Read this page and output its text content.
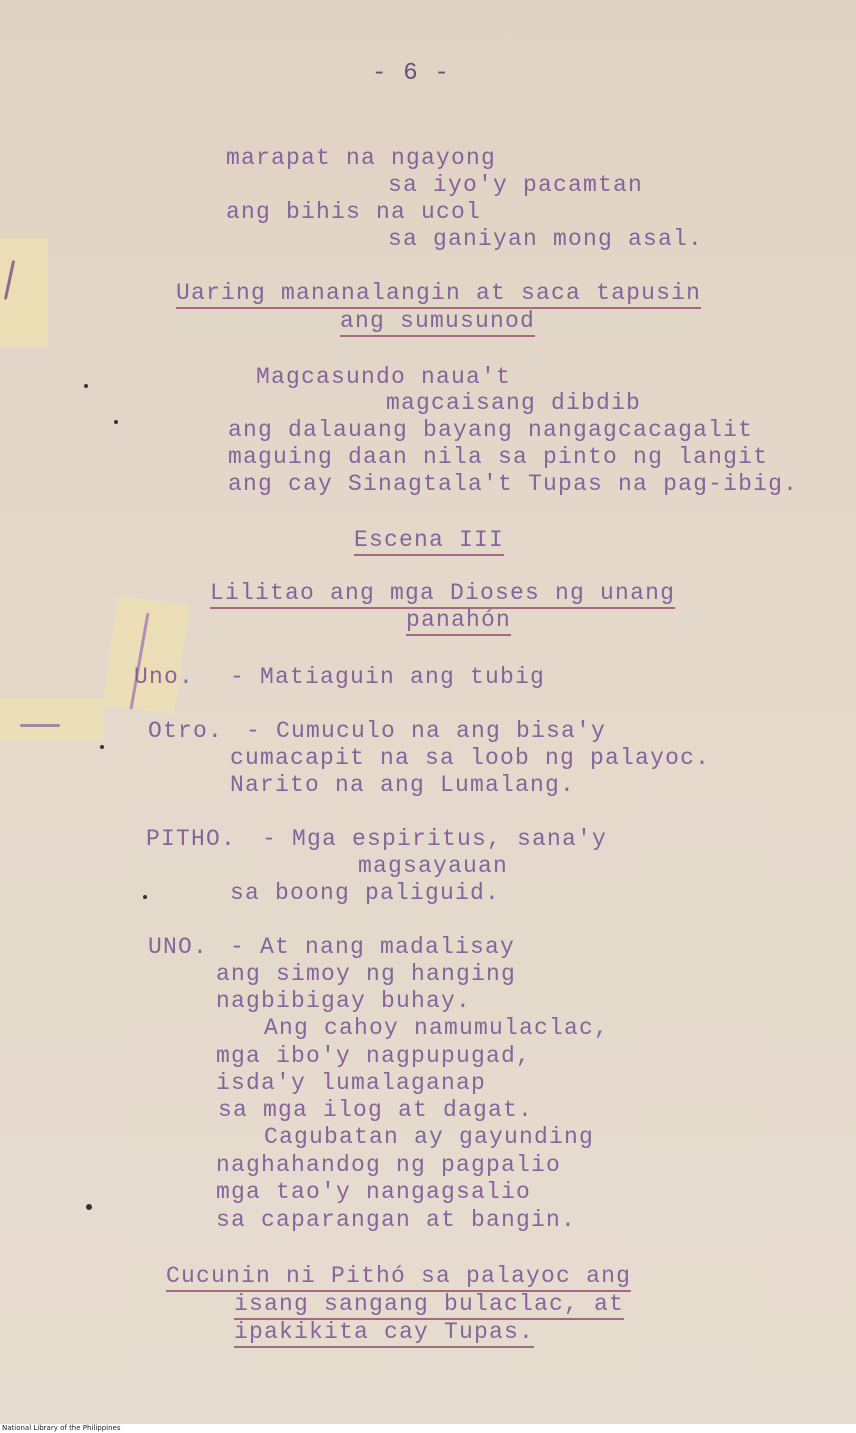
- 6 -
marapat na ngayong
sa iyo'y pacamtan
ang bihis na ucol
sa ganiyan mong asal.
Uaring mananalangin at saca tapusin
ang sumusunod
Magcasundo naua't
magcaisang dibdib
ang dalauang bayang nangagcacagalit
maguing daan nila sa pinto ng langit
ang cay Sinagtala't Tupas na pag-ibig.
Escena III
Lilitao ang mga Dioses ng unang
panahón
Uno. - Matiaguin ang tubig
Otro. - Cumuculo na ang bisa'y
cumacapit na sa loob ng palayoc.
Narito na ang Lumalang.
PITHO. - Mga espiritus, sana'y
magsayauan
sa boong paliguid.
UNO. - At nang madalisay
ang simoy ng hanging
nagbibigay buhay.
Ang cahoy namumulaclac,
mga ibo'y nagpupugad,
isda'y lumalaganap
sa mga ilog at dagat.
Cagubatan ay gayunding
naghahandog ng pagpalio
mga tao'y nangagsalio
sa caparangan at bangin.
Cucunin ni Pithó sa palayoc ang
isang sangang bulaclac, at
ipakikita cay Tupas.
National Library of the Philippines
